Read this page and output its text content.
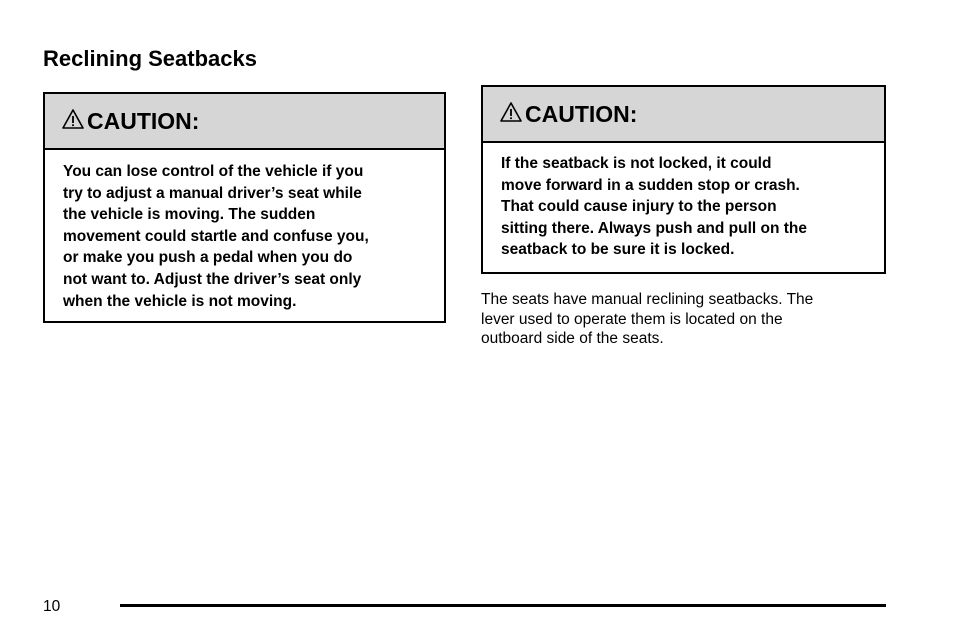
Reclining Seatbacks
CAUTION:

You can lose control of the vehicle if you
try to adjust a manual driver’s seat while
the vehicle is moving. The sudden
movement could startle and confuse you,
or make you push a pedal when you do
not want to. Adjust the driver’s seat only
when the vehicle is not moving.

CAUTION:

If the seatback is not locked, it could
move forward in a sudden stop or crash.
That could cause injury to the person
sitting there. Always push and pull on the
seatback to be sure it is locked.

The seats have manual reclining seatbacks. The
lever used to operate them is located on the
outboard side of the seats.

10
